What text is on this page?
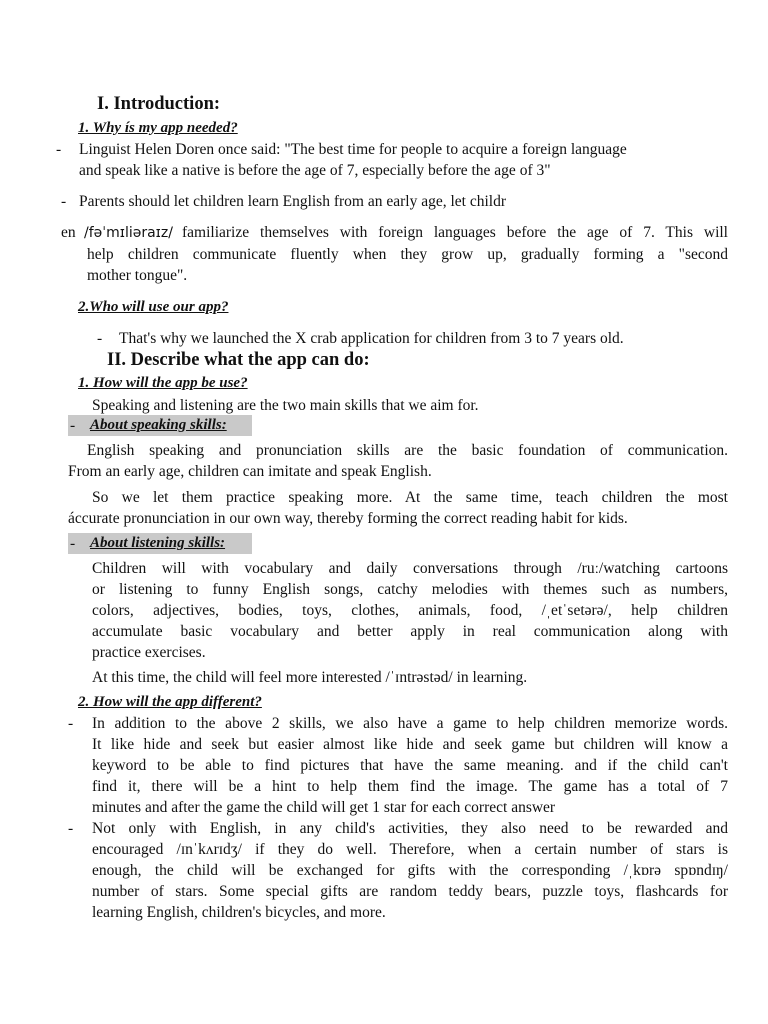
I. Introduction:
1. Why ís my app needed?
- Linguist Helen Doren once said: "The best time for people to acquire a foreign language
and speak like a native is before the age of 7, especially before the age of 3"
- Parents should let children learn English from an early age, let childr
en /fəˈmɪliəraɪz/ familiarize themselves with foreign languages before the age of 7. This will
help children communicate fluently when they grow up, gradually forming a "second
mother tongue".
2.Who will use our app?
- That's why we launched the X crab application for children from 3 to 7 years old.
II. Describe what the app can do:
1. How will the app be use?
Speaking and listening are the two main skills that we aim for.
- About speaking skills:
English speaking and pronunciation skills are the basic foundation of communication.
From an early age, children can imitate and speak English.
So we let them practice speaking more. At the same time, teach children the most
áccurate pronunciation in our own way, thereby forming the correct reading habit for kids.
- About listening skills:
Children will with vocabulary and daily conversations through /ruː/watching cartoons
or listening to funny English songs, catchy melodies with themes such as numbers,
colors, adjectives, bodies, toys, clothes, animals, food, /ˌetˈsetərə/, help children
accumulate basic vocabulary and better apply in real communication along with
practice exercises.
At this time, the child will feel more interested /ˈɪntrəstəd/ in learning.
2. How will the app different?
- In addition to the above 2 skills, we also have a game to help children memorize words.
It like hide and seek but easier almost like hide and seek game but children will know a
keyword to be able to find pictures that have the same meaning. and if the child can't
find it, there will be a hint to help them find the image. The game has a total of 7
minutes and after the game the child will get 1 star for each correct answer
- Not only with English, in any child's activities, they also need to be rewarded and
encouraged /ɪnˈkʌrɪdʒ/ if they do well. Therefore, when a certain number of stars is
enough, the child will be exchanged for gifts with the corresponding /ˌkɒrə spɒndɪŋ/
number of stars. Some special gifts are random teddy bears, puzzle toys, flashcards for
learning English, children's bicycles, and more.
